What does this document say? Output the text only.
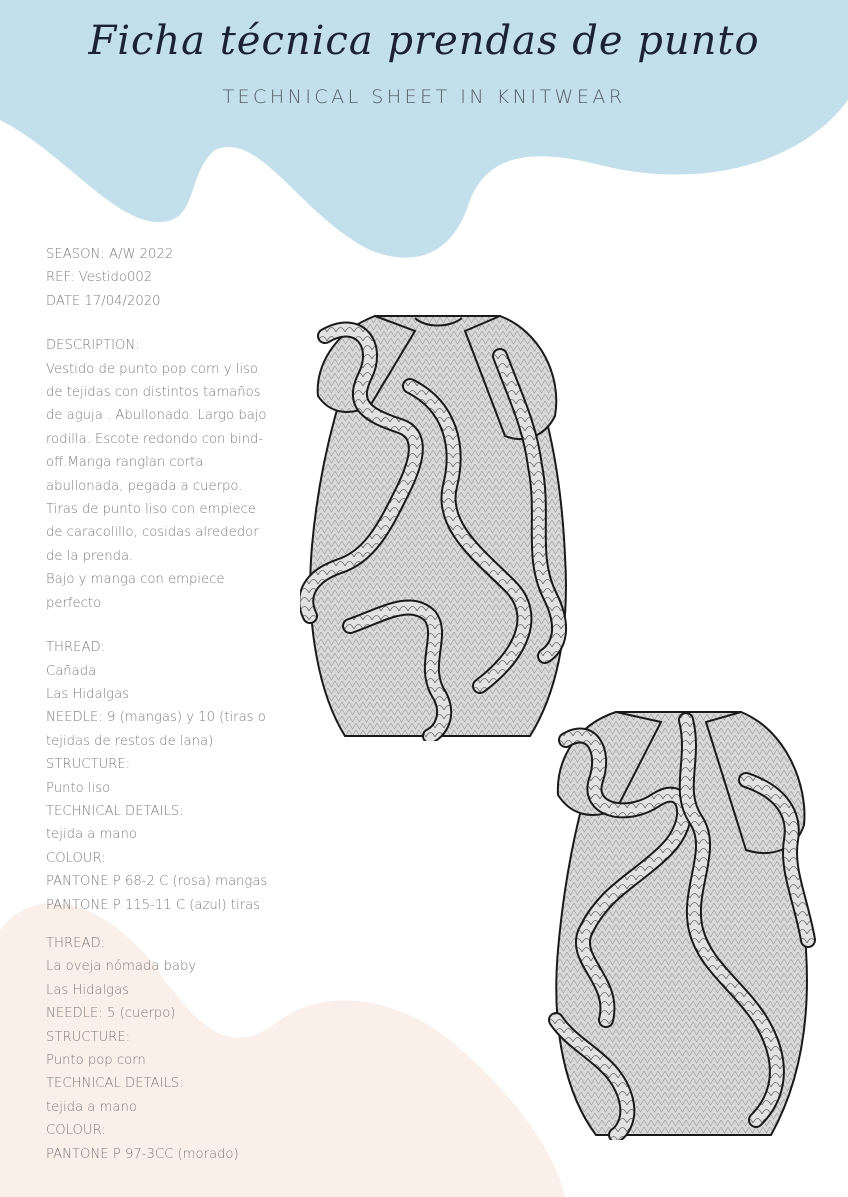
Ficha técnica prendas de punto
TECHNICAL SHEET IN KNITWEAR
SEASON: A/W 2022
REF: Vestido002
DATE 17/04/2020
DESCRIPTION:
Vestido de punto pop corn y liso
de tejidas con distintos tamaños
de aguja . Abullonado. Largo bajo
rodilla. Escote redondo con bind-
off.Manga ranglan corta
abullonada, pegada a cuerpo.
Tiras de punto liso con empiece
de caracolillo, cosidas alrededor
de la prenda.
Bajo y manga con empiece
perfecto
THREAD:
Cañada
Las Hidalgas
NEEDLE: 9 (mangas) y 10 (tiras o
tejidas de restos de lana)
STRUCTURE:
Punto liso
TECHNICAL DETAILS:
tejida a mano
COLOUR:
PANTONE P 68-2 C (rosa) mangas
PANTONE P 115-11 C (azul) tiras
THREAD:
La oveja nómada baby
Las Hidalgas
NEEDLE: 5 (cuerpo)
STRUCTURE:
Punto pop corn
TECHNICAL DETAILS:
tejida a mano
COLOUR:
PANTONE P 97-3CC (morado)
